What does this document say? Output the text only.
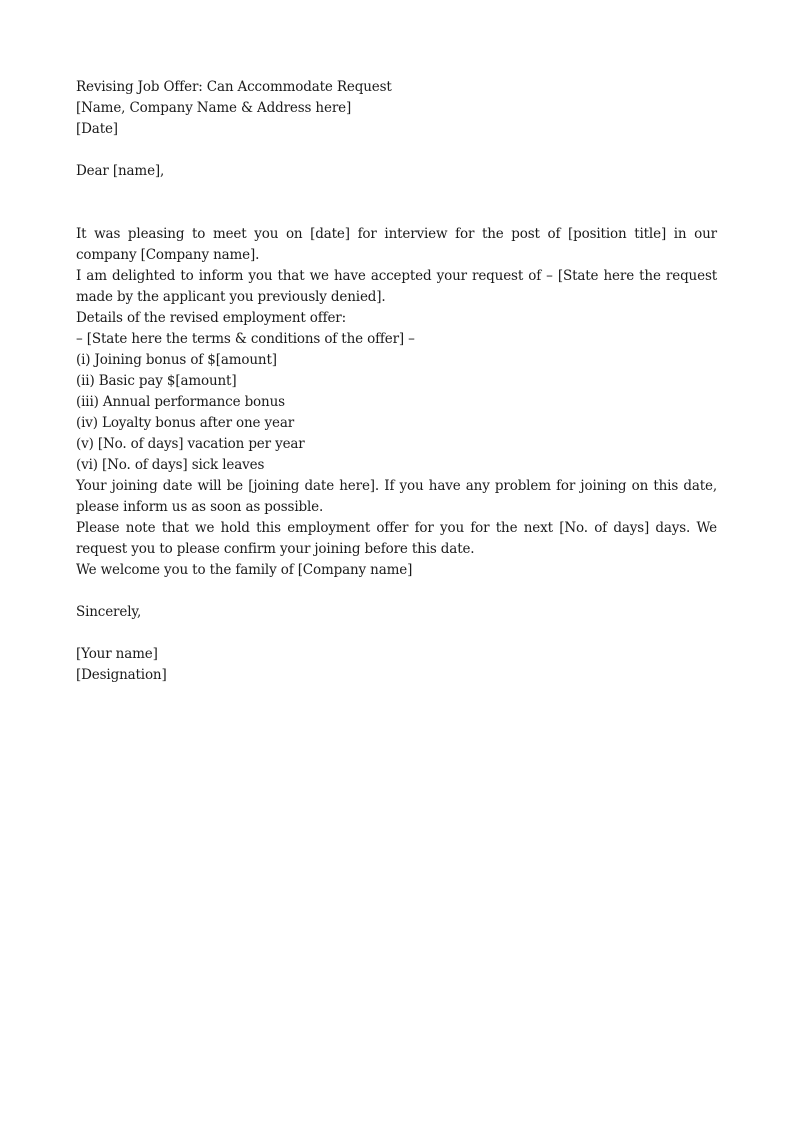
Revising Job Offer: Can Accommodate Request
[Name, Company Name & Address here]
[Date]
Dear [name],
It was pleasing to meet you on [date] for interview for the post of [position title] in our company [Company name].
I am delighted to inform you that we have accepted your request of – [State here the request made by the applicant you previously denied].
Details of the revised employment offer:
– [State here the terms & conditions of the offer] –
(i) Joining bonus of $[amount]
(ii) Basic pay $[amount]
(iii) Annual performance bonus
(iv) Loyalty bonus after one year
(v) [No. of days] vacation per year
(vi) [No. of days] sick leaves
Your joining date will be [joining date here]. If you have any problem for joining on this date, please inform us as soon as possible.
Please note that we hold this employment offer for you for the next [No. of days] days. We request you to please confirm your joining before this date.
We welcome you to the family of [Company name]
Sincerely,
[Your name]
[Designation]
